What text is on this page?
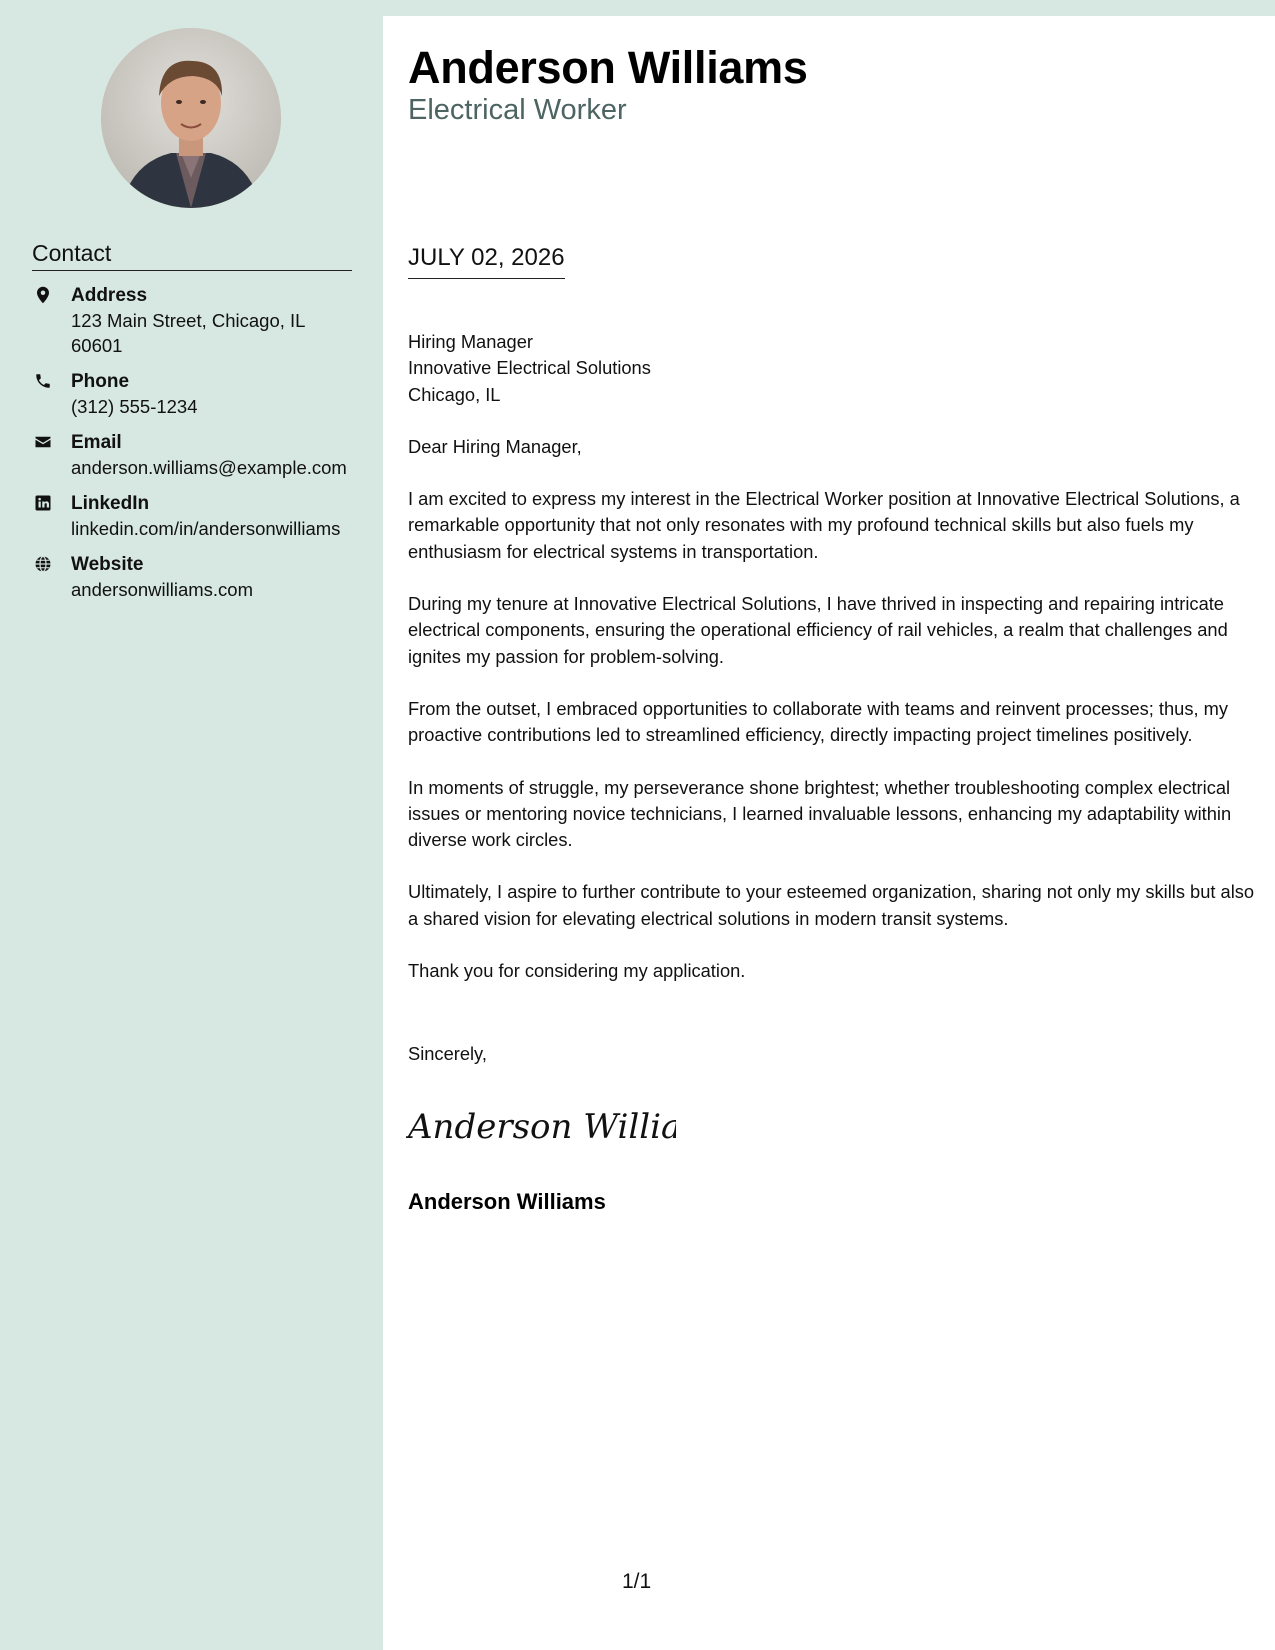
Contact
Address
123 Main Street, Chicago, IL 60601
Phone
(312) 555-1234
Email
anderson.williams@example.com
LinkedIn
linkedin.com/in/andersonwilliams
Website
andersonwilliams.com
Anderson Williams
Electrical Worker
JULY 02, 2026

Hiring Manager
Innovative Electrical Solutions
Chicago, IL

Dear Hiring Manager,

I am excited to express my interest in the Electrical Worker position at Innovative Electrical Solutions, a remarkable opportunity that not only resonates with my profound technical skills but also fuels my enthusiasm for electrical systems in transportation.

During my tenure at Innovative Electrical Solutions, I have thrived in inspecting and repairing intricate electrical components, ensuring the operational efficiency of rail vehicles, a realm that challenges and ignites my passion for problem-solving.

From the outset, I embraced opportunities to collaborate with teams and reinvent processes; thus, my proactive contributions led to streamlined efficiency, directly impacting project timelines positively.

In moments of struggle, my perseverance shone brightest; whether troubleshooting complex electrical issues or mentoring novice technicians, I learned invaluable lessons, enhancing my adaptability within diverse work circles.

Ultimately, I aspire to further contribute to your esteemed organization, sharing not only my skills but also a shared vision for elevating electrical solutions in modern transit systems.

Thank you for considering my application.

Sincerely,
Anderson Willia
Anderson Williams
1/1
